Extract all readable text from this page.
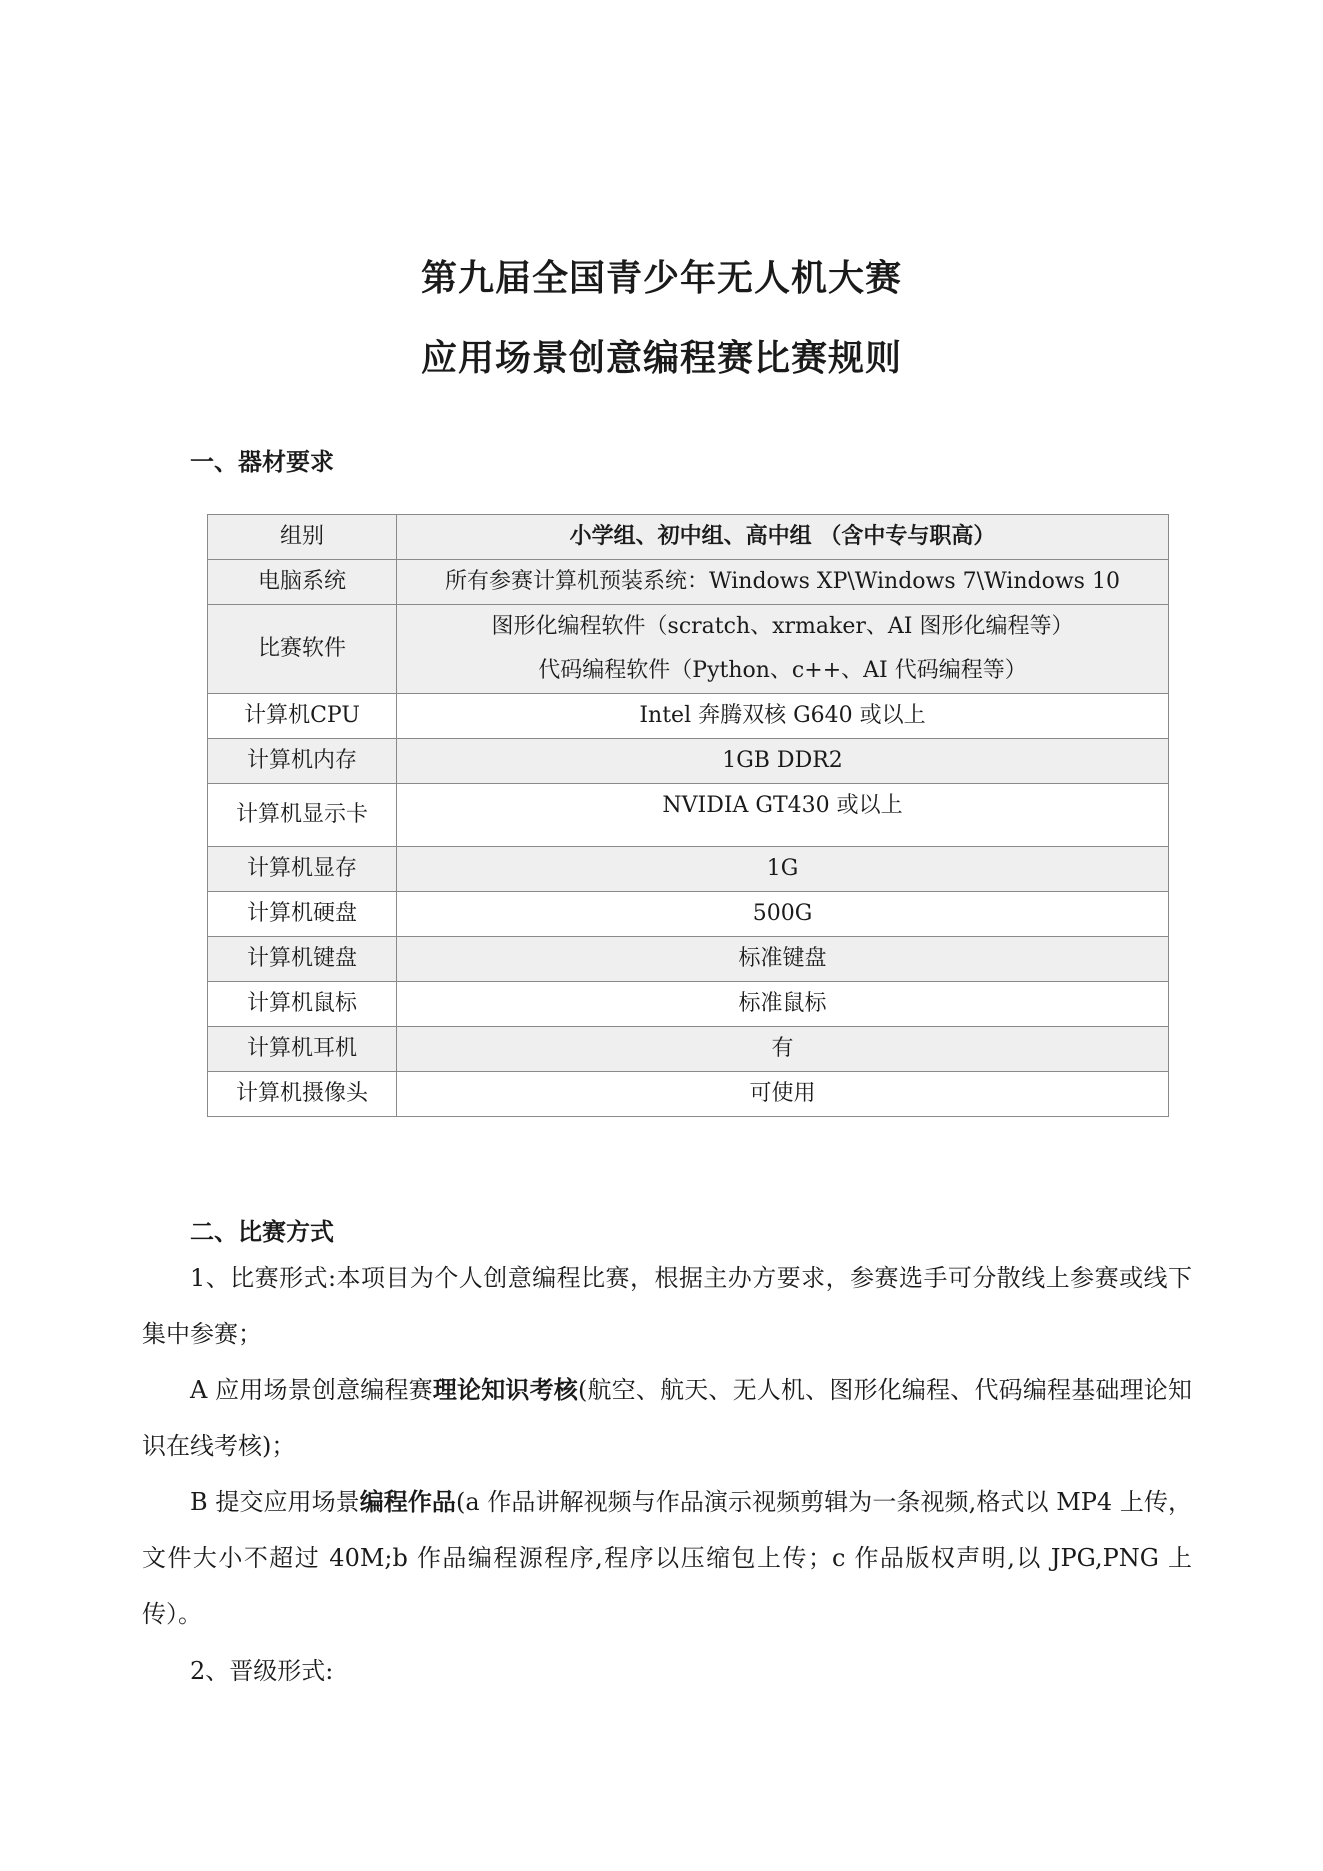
第九届全国青少年无人机大赛
应用场景创意编程赛比赛规则
一、器材要求
组别	小学组、初中组、高中组 （含中专与职高）
电脑系统	所有参赛计算机预装系统：Windows XP\Windows 7\Windows 10
比赛软件	图形化编程软件（scratch、xrmaker、AI 图形化编程等）
代码编程软件（Python、c++、AI 代码编程等）

计算机CPU	Intel 奔腾双核 G640 或以上
计算机内存	1GB DDR2
计算机显示卡	NVIDIA GT430 或以上
计算机显存	1G
计算机硬盘	500G
计算机键盘	标准键盘
计算机鼠标	标准鼠标
计算机耳机	有
计算机摄像头	可使用
二、比赛方式
1、比赛形式:本项目为个人创意编程比赛，根据主办方要求，参赛选手可分散线上参赛或线下集中参赛；
A 应用场景创意编程赛理论知识考核(航空、航天、无人机、图形化编程、代码编程基础理论知识在线考核)；
B 提交应用场景编程作品(a 作品讲解视频与作品演示视频剪辑为一条视频,格式以 MP4 上传，文件大小不超过 40M;b 作品编程源程序,程序以压缩包上传；c 作品版权声明,以 JPG,PNG 上传）。
2、晋级形式:
